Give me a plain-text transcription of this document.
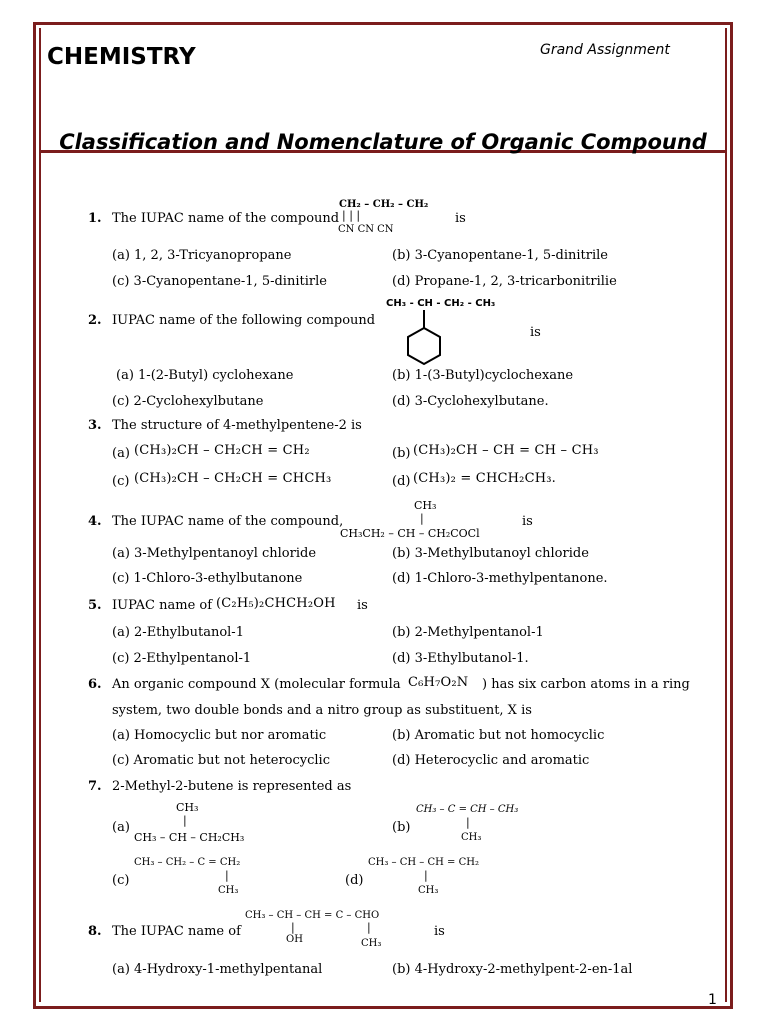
CHEMISTRY	Grand Assignment
Classification and Nomenclature of Organic Compound
1. The IUPAC name of the compound
CH₂ – CH₂ – CH₂
| | |
CN CN CN
is
(a) 1, 2, 3-Tricyanopropane	(b) 3-Cyanopentane-1, 5-dinitrile
(c) 3-Cyanopentane-1, 5-dinitirle	(d) Propane-1, 2, 3-tricarbonitrilie
CH₃ - CH - CH₂ - CH₃
2. IUPAC name of the following compound
is
(a) 1-(2-Butyl) cyclohexane	(b) 1-(3-Butyl)cyclochexane
(c) 2-Cyclohexylbutane	(d) 3-Cyclohexylbutane.
3. The structure of 4-methylpentene-2 is
(a) (CH₃)₂CH – CH₂CH = CH₂	(b) (CH₃)₂CH – CH = CH – CH₃
(c) (CH₃)₂CH – CH₂CH = CHCH₃	(d) (CH₃)₂ = CHCH₂CH₃.
CH₃
|
CH₃CH₂ – CH – CH₂COCl
4. The IUPAC name of the compound,	is
(a) 3-Methylpentanoyl chloride	(b) 3-Methylbutanoyl chloride
(c) 1-Chloro-3-ethylbutanone	(d) 1-Chloro-3-methylpentanone.
5. IUPAC name of (C₂H₅)₂CHCH₂OH is
(a) 2-Ethylbutanol-1	(b) 2-Methylpentanol-1
(c) 2-Ethylpentanol-1	(d) 3-Ethylbutanol-1.
6. An organic compound X (molecular formula C₆H₇O₂N ) has six carbon atoms in a ring
system, two double bonds and a nitro group as substituent, X is
(a) Homocyclic but nor aromatic	(b) Aromatic but not homocyclic
(c) Aromatic but not heterocyclic	(d) Heterocyclic and aromatic
7. 2-Methyl-2-butene is represented as
CH₃
|
(a)
CH₃ – CH – CH₂CH₃
CH₃ – C = CH – CH₃
|
(b)
CH₃
CH₃ – CH₂ – C = CH₂
|
(c)
CH₃
CH₃ – CH – CH = CH₂
|
(d)
CH₃
CH₃ – CH – CH = C – CHO
|	|
OH	CH₃
8. The IUPAC name of	is
(a) 4-Hydroxy-1-methylpentanal	(b) 4-Hydroxy-2-methylpent-2-en-1al
1
